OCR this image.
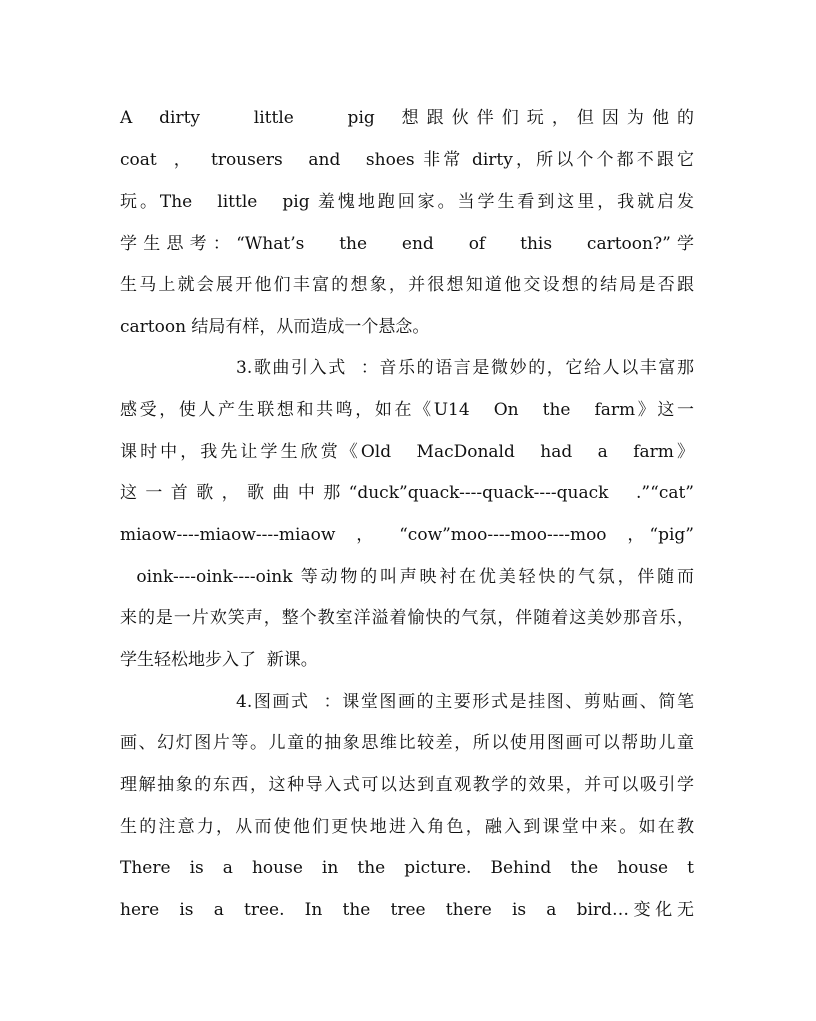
A  dirty    little    pig  想跟伙伴们玩，但因为他的
coat  ，  trousers   and   shoes 非常 dirty，所以个个都不跟它
玩。The   little   pig 羞愧地跑回家。当学生看到这里，我就启发
学生思考：“What’s   the   end   of   this   cartoon?”学
生马上就会展开他们丰富的想象，并很想知道他交设想的结局是否跟
cartoon 结局有样，从而造成一个悬念。
3.歌曲引入式  ：音乐的语言是微妙的，它给人以丰富那
感受，使人产生联想和共鸣，如在《U14   On   the   farm》这一
课时中，我先让学生欣赏《Old   MacDonald   had   a   farm》
这一首歌，歌曲中那“duck”quack----quack----quack  .”“cat”
miaow----miaow----miaow  ，  “cow”moo----moo----moo  ，“pig”
oink----oink----oink 等动物的叫声映衬在优美轻快的气氛，伴随而
来的是一片欢笑声，整个教室洋溢着愉快的气氛，伴随着这美妙那音乐，
学生轻松地步入了  新课。
4.图画式  ：课堂图画的主要形式是挂图、剪贴画、简笔
画、幻灯图片等。儿童的抽象思维比较差，所以使用图画可以帮助儿童
理解抽象的东西，这种导入式可以达到直观教学的效果，并可以吸引学
生的注意力，从而使他们更快地进入角色，融入到课堂中来。如在教
There  is  a  house  in  the  picture.  Behind  the  house  t
here  is  a  tree.  In  the  tree  there  is  a  bird…变化无
